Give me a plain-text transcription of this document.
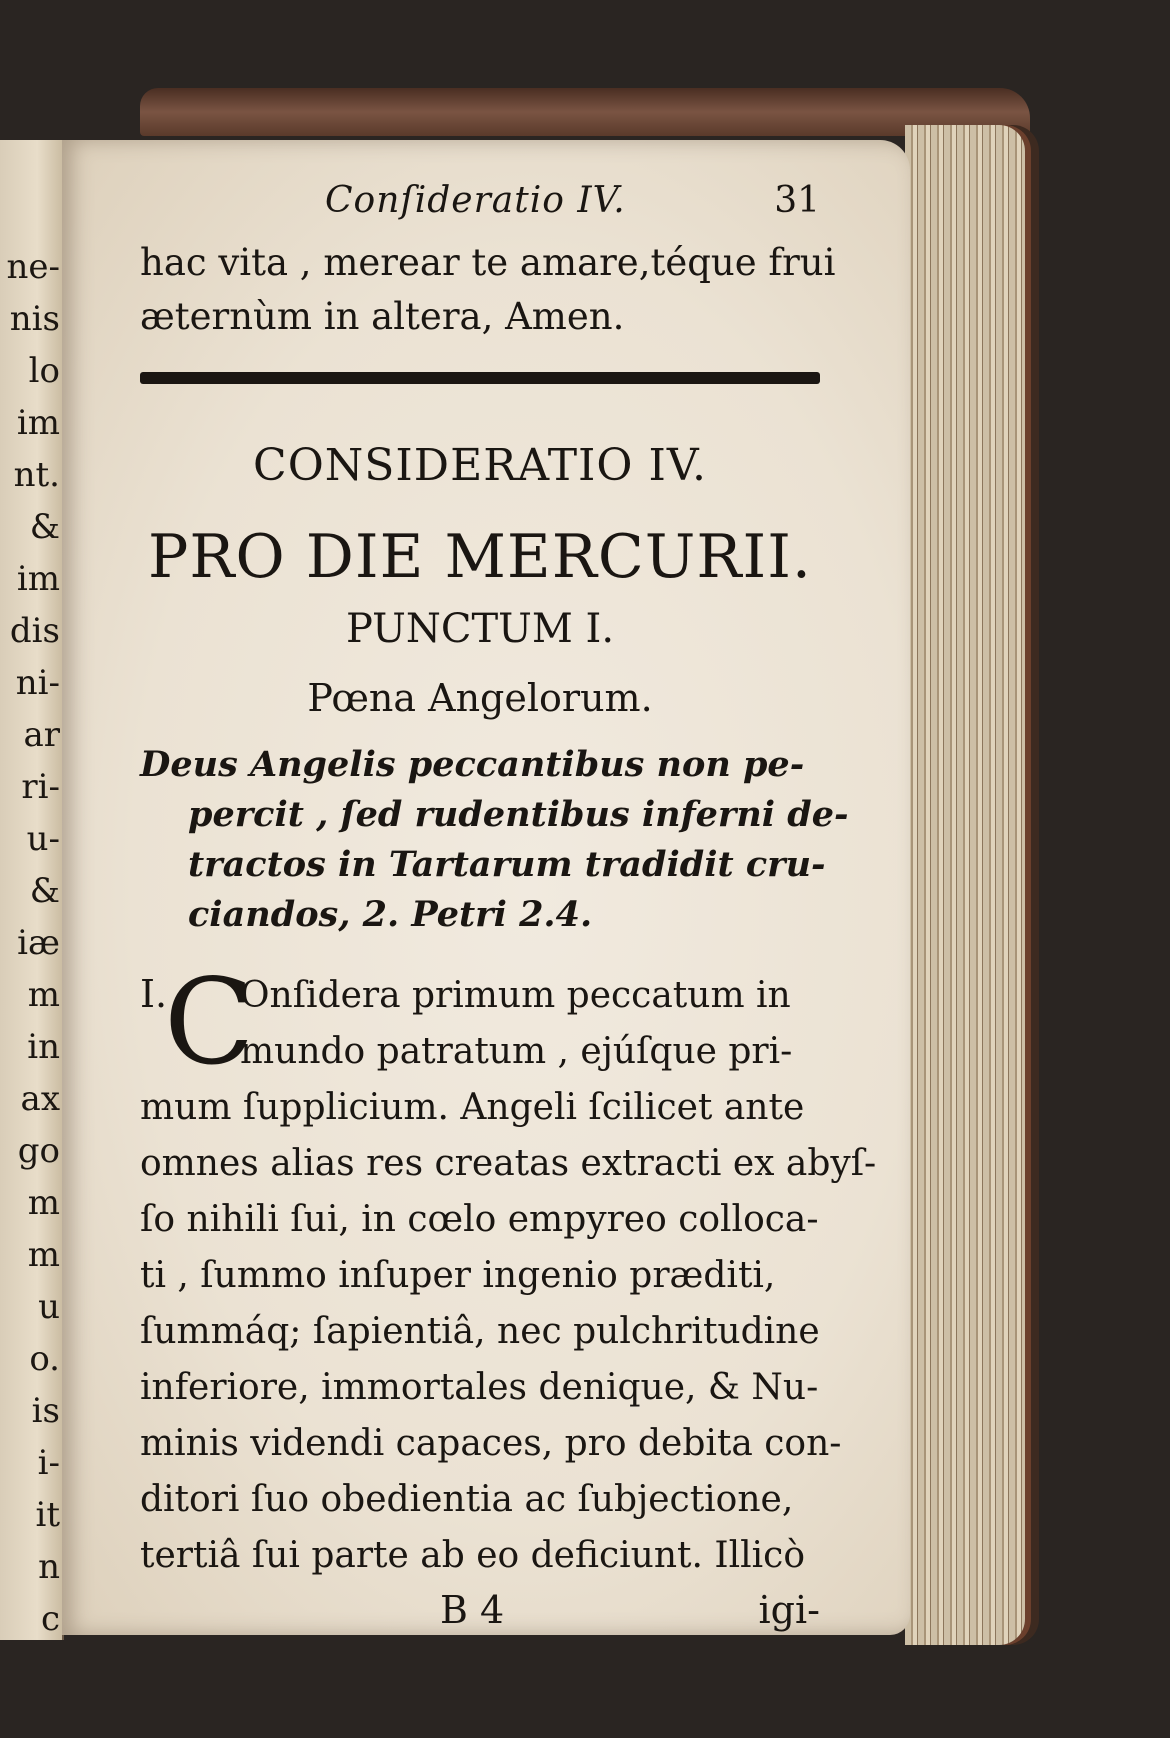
ne-
nis
lo
im
nt.
&
im
dis
ni-
ar
ri-
u-
&
iæ
m
in
ax
go
m
m
u
o.
is
i-
it
n
c
Conſideratio IV.	31
hac vita , merear te amare,téque frui
æternùm in altera, Amen.
CONSIDERATIO IV.
PRO DIE MERCURII.
PUNCTUM I.
Pœna Angelorum.
Deus Angelis peccantibus non pe-
percit , ſed rudentibus inferni de-
tractos in Tartarum tradidit cru-
ciandos, 2. Petri 2.4.
I.
C
Onſidera primum peccatum in
mundo patratum , ejúſque pri-
mum ſupplicium. Angeli ſcilicet ante
omnes alias res creatas extracti ex abyſ-
ſo nihili ſui, in cœlo empyreo colloca-
ti , ſummo inſuper ingenio præditi,
ſummáq; ſapientiâ, nec pulchritudine
inferiore, immortales denique, & Nu-
minis videndi capaces, pro debita con-
ditori ſuo obedientia ac ſubjectione,
tertiâ ſui parte ab eo deficiunt. Illicò
B 4	igi-
